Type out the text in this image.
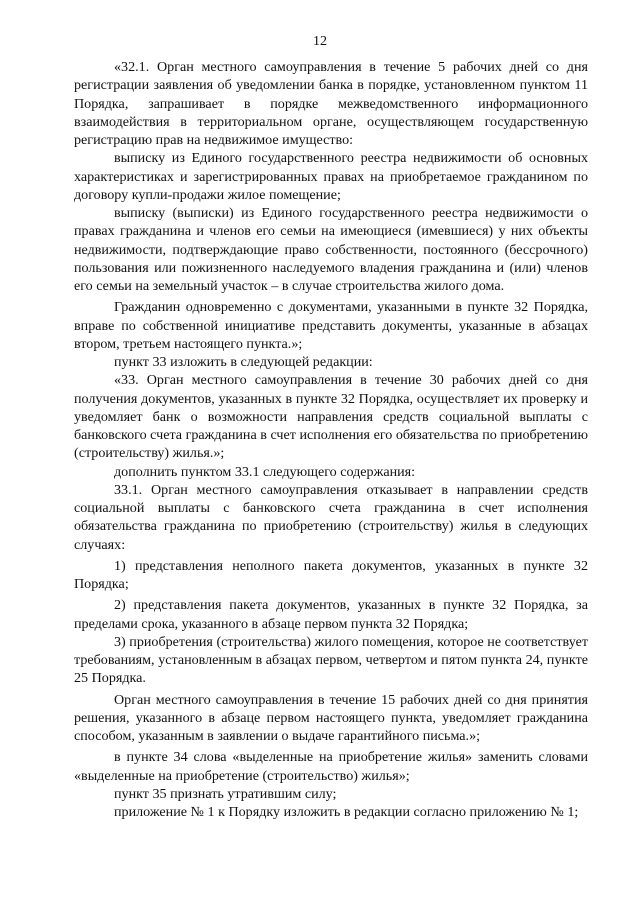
12

«32.1. Орган местного самоуправления в течение 5 рабочих дней со дня регистрации заявления об уведомлении банка в порядке, установленном пунктом 11 Порядка, запрашивает в порядке межведомственного информационного взаимодействия в территориальном органе, осуществляющем государственную регистрацию прав на недвижимое имущество:

выписку из Единого государственного реестра недвижимости об основных характеристиках и зарегистрированных правах на приобретаемое гражданином по договору купли-продажи жилое помещение;

выписку (выписки) из Единого государственного реестра недвижимости о правах гражданина и членов его семьи на имеющиеся (имевшиеся) у них объекты недвижимости, подтверждающие право собственности, постоянного (бессрочного) пользования или пожизненного наследуемого владения гражданина и (или) членов его семьи на земельный участок – в случае строительства жилого дома.

Гражданин одновременно с документами, указанными в пункте 32 Порядка, вправе по собственной инициативе представить документы, указанные в абзацах втором, третьем настоящего пункта.»;

пункт 33 изложить в следующей редакции:

«33. Орган местного самоуправления в течение 30 рабочих дней со дня получения документов, указанных в пункте 32 Порядка, осуществляет их проверку и уведомляет банк о возможности направления средств социальной выплаты с банковского счета гражданина в счет исполнения его обязательства по приобретению (строительству) жилья.»;

дополнить пунктом 33.1 следующего содержания:

33.1. Орган местного самоуправления отказывает в направлении средств социальной выплаты с банковского счета гражданина в счет исполнения обязательства гражданина по приобретению (строительству) жилья в следующих случаях:

1) представления неполного пакета документов, указанных в пункте 32 Порядка;

2) представления пакета документов, указанных в пункте 32 Порядка, за пределами срока, указанного в абзаце первом пункта 32 Порядка;

3) приобретения (строительства) жилого помещения, которое не соответствует требованиям, установленным в абзацах первом, четвертом и пятом пункта 24, пункте 25 Порядка.

Орган местного самоуправления в течение 15 рабочих дней со дня принятия решения, указанного в абзаце первом настоящего пункта, уведомляет гражданина способом, указанным в заявлении о выдаче гарантийного письма.»;

в пункте 34 слова «выделенные на приобретение жилья» заменить словами «выделенные на приобретение (строительство) жилья»;

пункт 35 признать утратившим силу;

приложение № 1 к Порядку изложить в редакции согласно приложению № 1;
